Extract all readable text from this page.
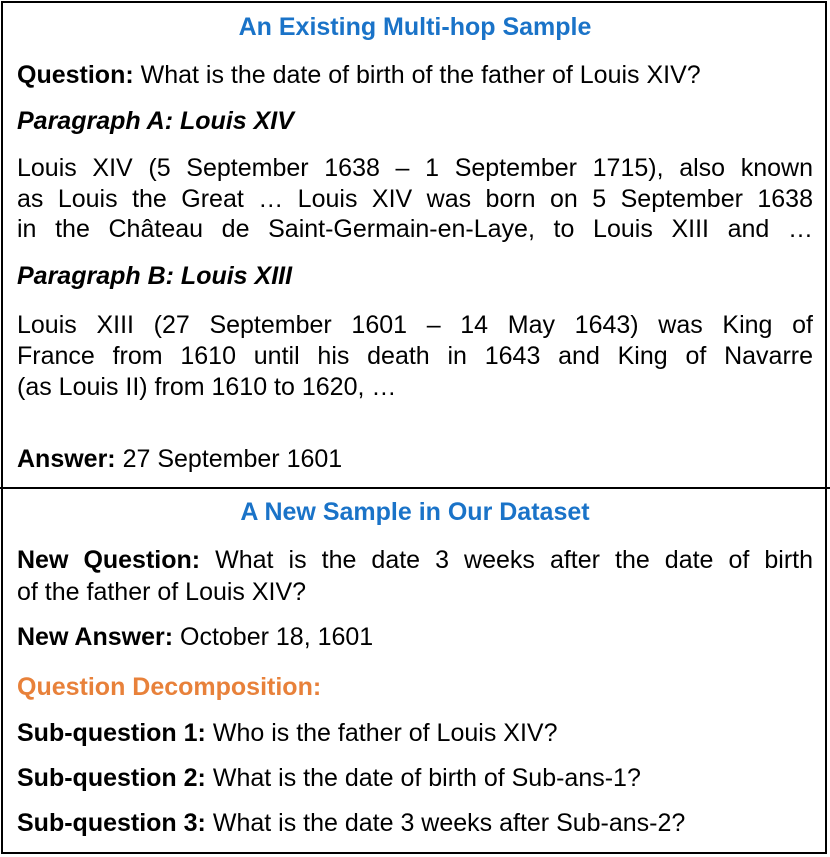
An Existing Multi-hop Sample
Question: What is the date of birth of the father of Louis XIV?
Paragraph A: Louis XIV
Louis XIV (5 September 1638 – 1 September 1715), also known
as Louis the Great … Louis XIV was born on 5 September 1638
in the Château de Saint-Germain-en-Laye, to Louis XIII and …
Paragraph B: Louis XIII
Louis XIII (27 September 1601 – 14 May 1643) was King of
France from 1610 until his death in 1643 and King of Navarre
(as Louis II) from 1610 to 1620, …
Answer: 27 September 1601
A New Sample in Our Dataset
New Question: What is the date 3 weeks after the date of birth
of the father of Louis XIV?
New Answer: October 18, 1601
Question Decomposition:
Sub-question 1: Who is the father of Louis XIV?
Sub-question 2: What is the date of birth of Sub-ans-1?
Sub-question 3: What is the date 3 weeks after Sub-ans-2?
